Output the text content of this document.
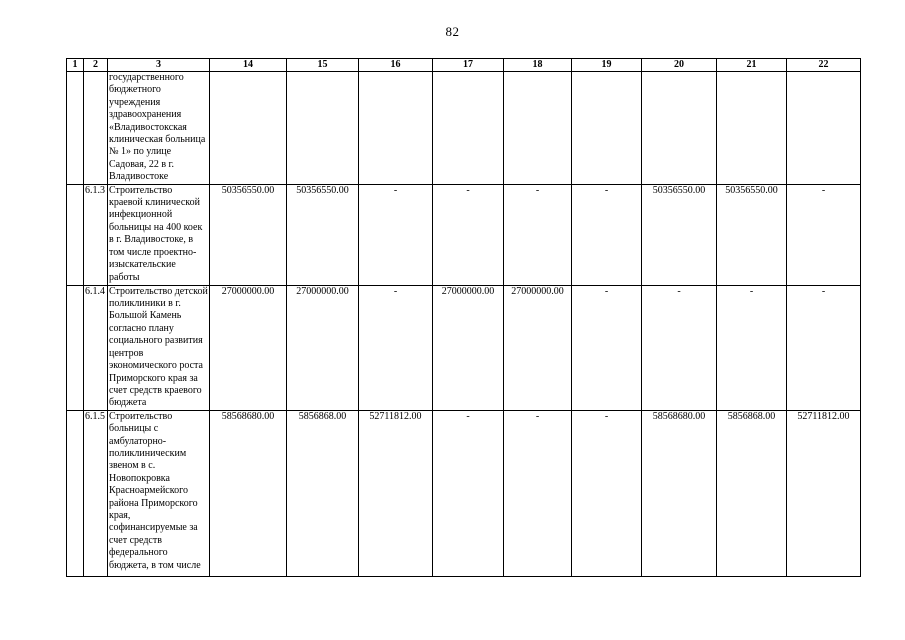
82
1	2	3	14	15	16	17	18	19	20	21	22
		государственного бюджетного учреждения здравоохранения «Владивостокская клиническая больница № 1» по улице Садовая, 22 в г. Владивостоке									
	6.1.3	Строительство краевой клинической инфекционной больницы на 400 коек в г. Владивостоке, в том числе проектно-изыскательские работы	50356550.00	50356550.00	-	-	-	-	50356550.00	50356550.00	-
	6.1.4	Строительство детской поликлиники в г. Большой Камень согласно плану социального развития центров экономического роста Приморского края за счет средств краевого бюджета	27000000.00	27000000.00	-	27000000.00	27000000.00	-	-	-	-
	6.1.5	Строительство больницы с амбулаторно-поликлиническим звеном в с. Новопокровка Красноармейского района Приморского края, софинансируемые за счет средств федерального бюджета, в том числе	58568680.00	5856868.00	52711812.00	-	-	-	58568680.00	5856868.00	52711812.00
